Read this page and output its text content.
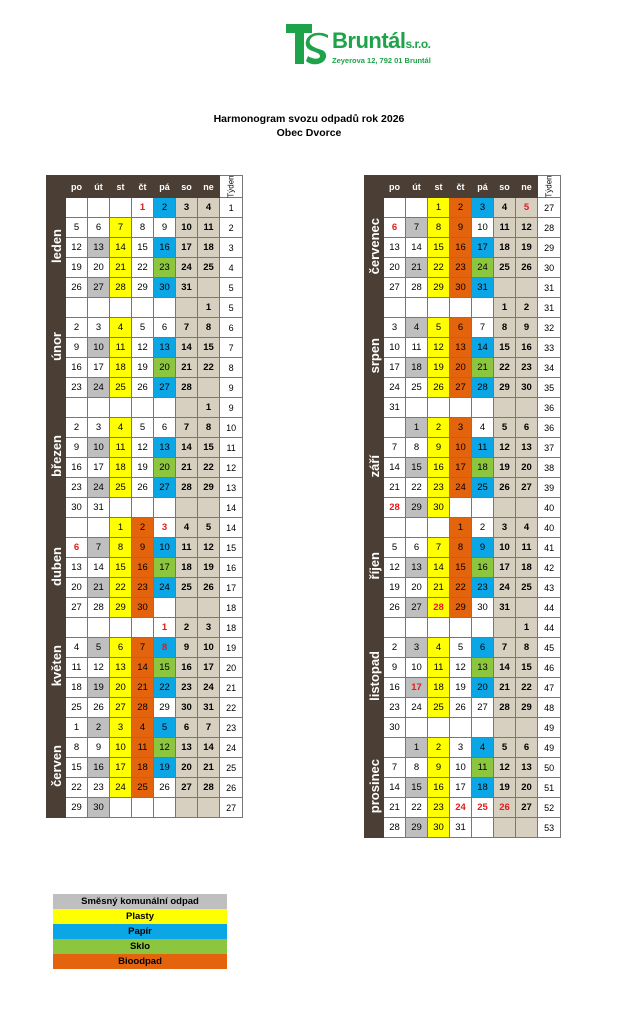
Bruntáls.r.o.
Zeyerova 12, 792 01 Bruntál
Harmonogram svozu odpadů rok 2026
Obec Dvorce
	po	út	st	čt	pá	so	ne	Týden
leden				1	2	3	4	1
	5	6	7	8	9	10	11	2
	12	13	14	15	16	17	18	3
	19	20	21	22	23	24	25	4
	26	27	28	29	30	31		5
únor							1	5
	2	3	4	5	6	7	8	6
	9	10	11	12	13	14	15	7
	16	17	18	19	20	21	22	8
	23	24	25	26	27	28		9
březen							1	9
	2	3	4	5	6	7	8	10
	9	10	11	12	13	14	15	11
	16	17	18	19	20	21	22	12
	23	24	25	26	27	28	29	13
	30	31						14
duben			1	2	3	4	5	14
	6	7	8	9	10	11	12	15
	13	14	15	16	17	18	19	16
	20	21	22	23	24	25	26	17
	27	28	29	30				18
květen					1	2	3	18
	4	5	6	7	8	9	10	19
	11	12	13	14	15	16	17	20
	18	19	20	21	22	23	24	21
	25	26	27	28	29	30	31	22
červen	1	2	3	4	5	6	7	23
	8	9	10	11	12	13	14	24
	15	16	17	18	19	20	21	25
	22	23	24	25	26	27	28	26
	29	30						27
	po	út	st	čt	pá	so	ne	Týden
červenec			1	2	3	4	5	27
	6	7	8	9	10	11	12	28
	13	14	15	16	17	18	19	29
	20	21	22	23	24	25	26	30
	27	28	29	30	31			31
srpen						1	2	31
	3	4	5	6	7	8	9	32
	10	11	12	13	14	15	16	33
	17	18	19	20	21	22	23	34
	24	25	26	27	28	29	30	35
	31							36
září		1	2	3	4	5	6	36
	7	8	9	10	11	12	13	37
	14	15	16	17	18	19	20	38
	21	22	23	24	25	26	27	39
	28	29	30					40
říjen				1	2	3	4	40
	5	6	7	8	9	10	11	41
	12	13	14	15	16	17	18	42
	19	20	21	22	23	24	25	43
	26	27	28	29	30	31		44
listopad							1	44
	2	3	4	5	6	7	8	45
	9	10	11	12	13	14	15	46
	16	17	18	19	20	21	22	47
	23	24	25	26	27	28	29	48
	30							49
prosinec		1	2	3	4	5	6	49
	7	8	9	10	11	12	13	50
	14	15	16	17	18	19	20	51
	21	22	23	24	25	26	27	52
	28	29	30	31				53
Směsný komunální odpad
Plasty
Papír
Sklo
Bioodpad
